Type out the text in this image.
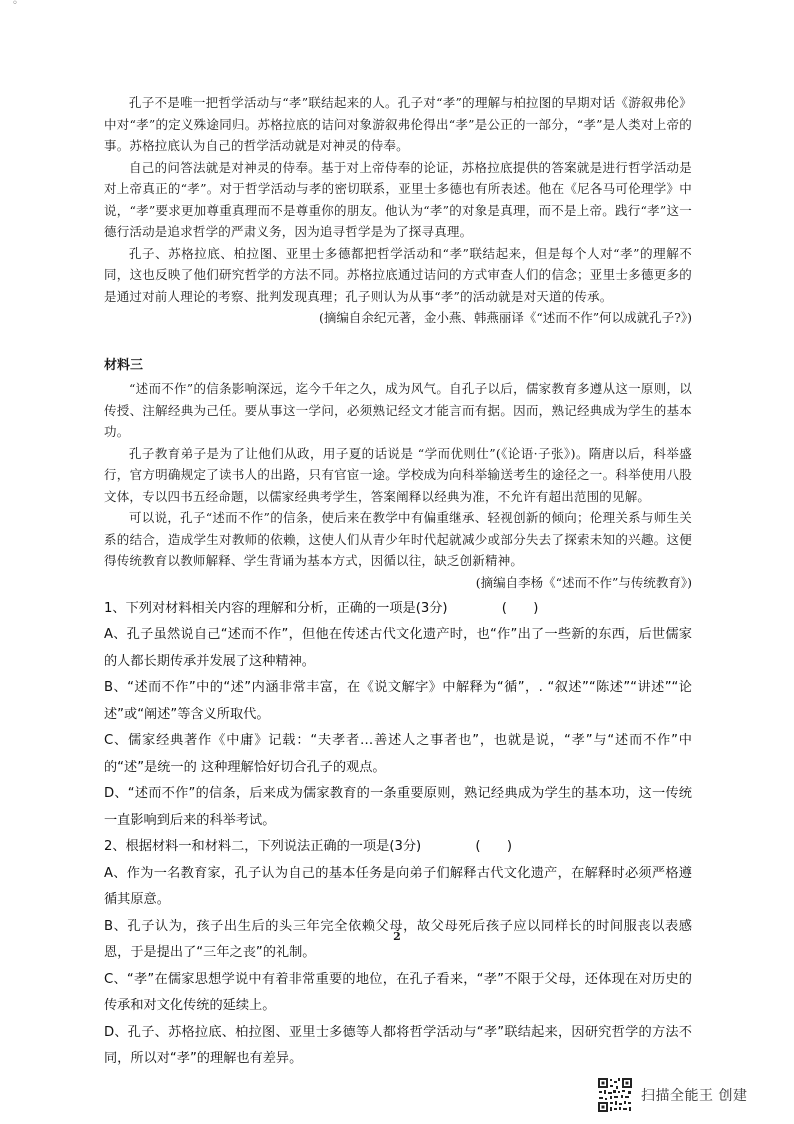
◦

孔子不是唯一把哲学活动与“孝”联结起来的人。孔子对“孝”的理解与柏拉图的早期对话《游叙弗伦》中对“孝”的定义殊途同归。苏格拉底的诘问对象游叙弗伦得出“孝”是公正的一部分，“孝”是人类对上帝的事。苏格拉底认为自己的哲学活动就是对神灵的侍奉。

自己的问答法就是对神灵的侍奉。基于对上帝侍奉的论证，苏格拉底提供的答案就是进行哲学活动是对上帝真正的“孝”。对于哲学活动与孝的密切联系，亚里士多德也有所表述。他在《尼各马可伦理学》中说，“孝”要求更加尊重真理而不是尊重你的朋友。他认为“孝”的对象是真理，而不是上帝。践行“孝”这一德行活动是追求哲学的严肃义务，因为追寻哲学是为了探寻真理。

孔子、苏格拉底、柏拉图、亚里士多德都把哲学活动和“孝”联结起来，但是每个人对“孝”的理解不同，这也反映了他们研究哲学的方法不同。苏格拉底通过诘问的方式审查人们的信念；亚里士多德更多的是通过对前人理论的考察、批判发现真理；孔子则认为从事“孝”的活动就是对天道的传承。

(摘编自余纪元著，金小燕、韩燕丽译《“述而不作”何以成就孔子?》)

材料三

“述而不作”的信条影响深远，迄今千年之久，成为风气。自孔子以后，儒家教育多遵从这一原则，以传授、注解经典为己任。要从事这一学问，必须熟记经文才能言而有据。因而，熟记经典成为学生的基本功。

孔子教育弟子是为了让他们从政，用子夏的话说是 “学而优则仕”(《论语·子张》)。隋唐以后，科举盛行，官方明确规定了读书人的出路，只有官宦一途。学校成为向科举输送考生的途径之一。科举使用八股文体，专以四书五经命题，以儒家经典考学生，答案阐释以经典为准，不允许有超出范围的见解。

可以说，孔子“述而不作”的信条，使后来在教学中有偏重继承、轻视创新的倾向；伦理关系与师生关系的结合，造成学生对教师的依赖，这使人们从青少年时代起就减少或部分失去了探索未知的兴趣。这便得传统教育以教师解释、学生背诵为基本方式，因循以往，缺乏创新精神。

(摘编自李杨《“述而不作”与传统教育》)

1、下列对材料相关内容的理解和分析，正确的一项是(3分)	(　　)

A、孔子虽然说自己“述而不作”，但他在传述古代文化遗产时，也“作”出了一些新的东西，后世儒家的人都长期传承并发展了这种精神。

B、“述而不作”中的“述”内涵非常丰富，在《说文解字》中解释为“循”，. “叙述”“陈述”“讲述”“论述”或“阐述”等含义所取代。

C、儒家经典著作《中庸》记载：“夫孝者…善述人之事者也”，也就是说，“孝”与“述而不作”中的“述”是统一的 这种理解恰好切合孔子的观点。

D、“述而不作”的信条，后来成为儒家教育的一条重要原则，熟记经典成为学生的基本功，这一传统一直影响到后来的科举考试。

2、根据材料一和材料二，下列说法正确的一项是(3分)	(　　)

A、作为一名教育家，孔子认为自己的基本任务是向弟子们解释古代文化遗产，在解释时必须严格遵循其原意。

B、孔子认为，孩子出生后的头三年完全依赖父母，故父母死后孩子应以同样长的时间服丧以表感恩，于是提出了“三年之丧”的礼制。

C、“孝”在儒家思想学说中有着非常重要的地位，在孔子看来，“孝”不限于父母，还体现在对历史的传承和对文化传统的延续上。

D、孔子、苏格拉底、柏拉图、亚里士多德等人都将哲学活动与“孝”联结起来，因研究哲学的方法不同，所以对“孝”的理解也有差异。

2
扫描全能王 创建
